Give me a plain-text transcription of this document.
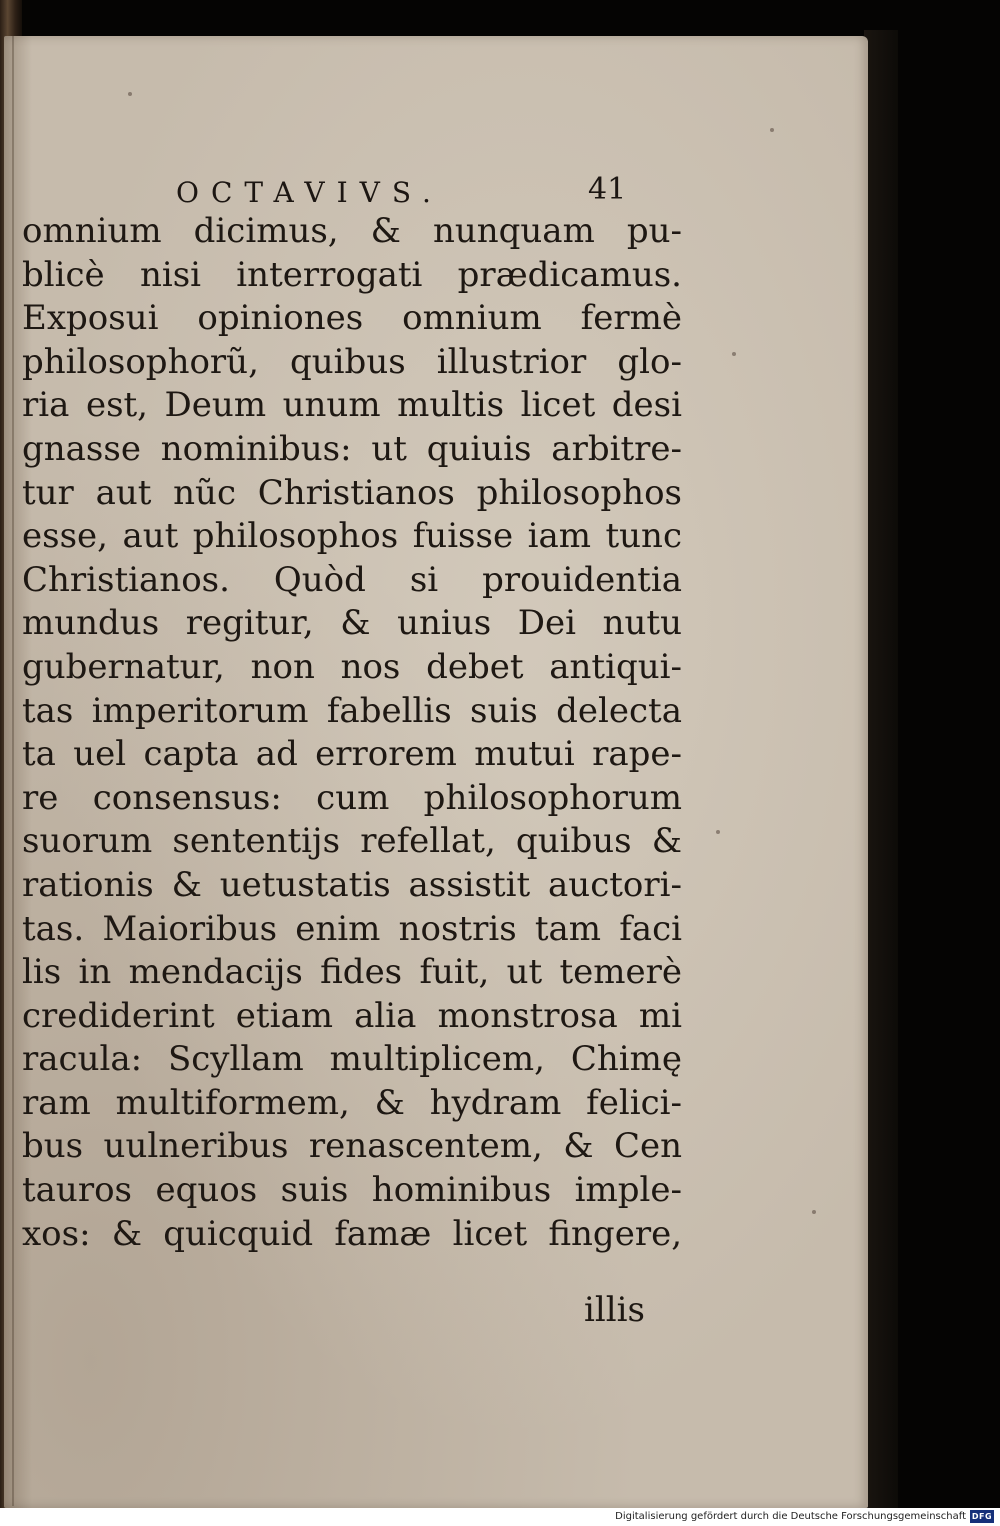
OCTAVIVS.	41
omnium dicimus, & nunquam pu-
blicè nisi interrogati prædicamus.
Exposui opiniones omnium fermè
philosophorũ, quibus illustrior glo-
ria est, Deum unum multis licet desi
gnasse nominibus: ut quiuis arbitre-
tur aut nũc Christianos philosophos
esse, aut philosophos fuisse iam tunc
Christianos. Quòd si prouidentia
mundus regitur, & unius Dei nutu
gubernatur, non nos debet antiqui-
tas imperitorum fabellis suis delecta
ta uel capta ad errorem mutui rape-
re consensus: cum philosophorum
suorum sententijs refellat, quibus &
rationis & uetustatis assistit auctori-
tas. Maioribus enim nostris tam faci
lis in mendacijs fides fuit, ut temerè
crediderint etiam alia monstrosa mi
racula: Scyllam multiplicem, Chimę
ram multiformem, & hydram felici-
bus uulneribus renascentem, & Cen
tauros equos suis hominibus imple-
xos: & quicquid famæ licet fingere,
illis
Digitalisierung gefördert durch die Deutsche Forschungsgemeinschaft DFG
